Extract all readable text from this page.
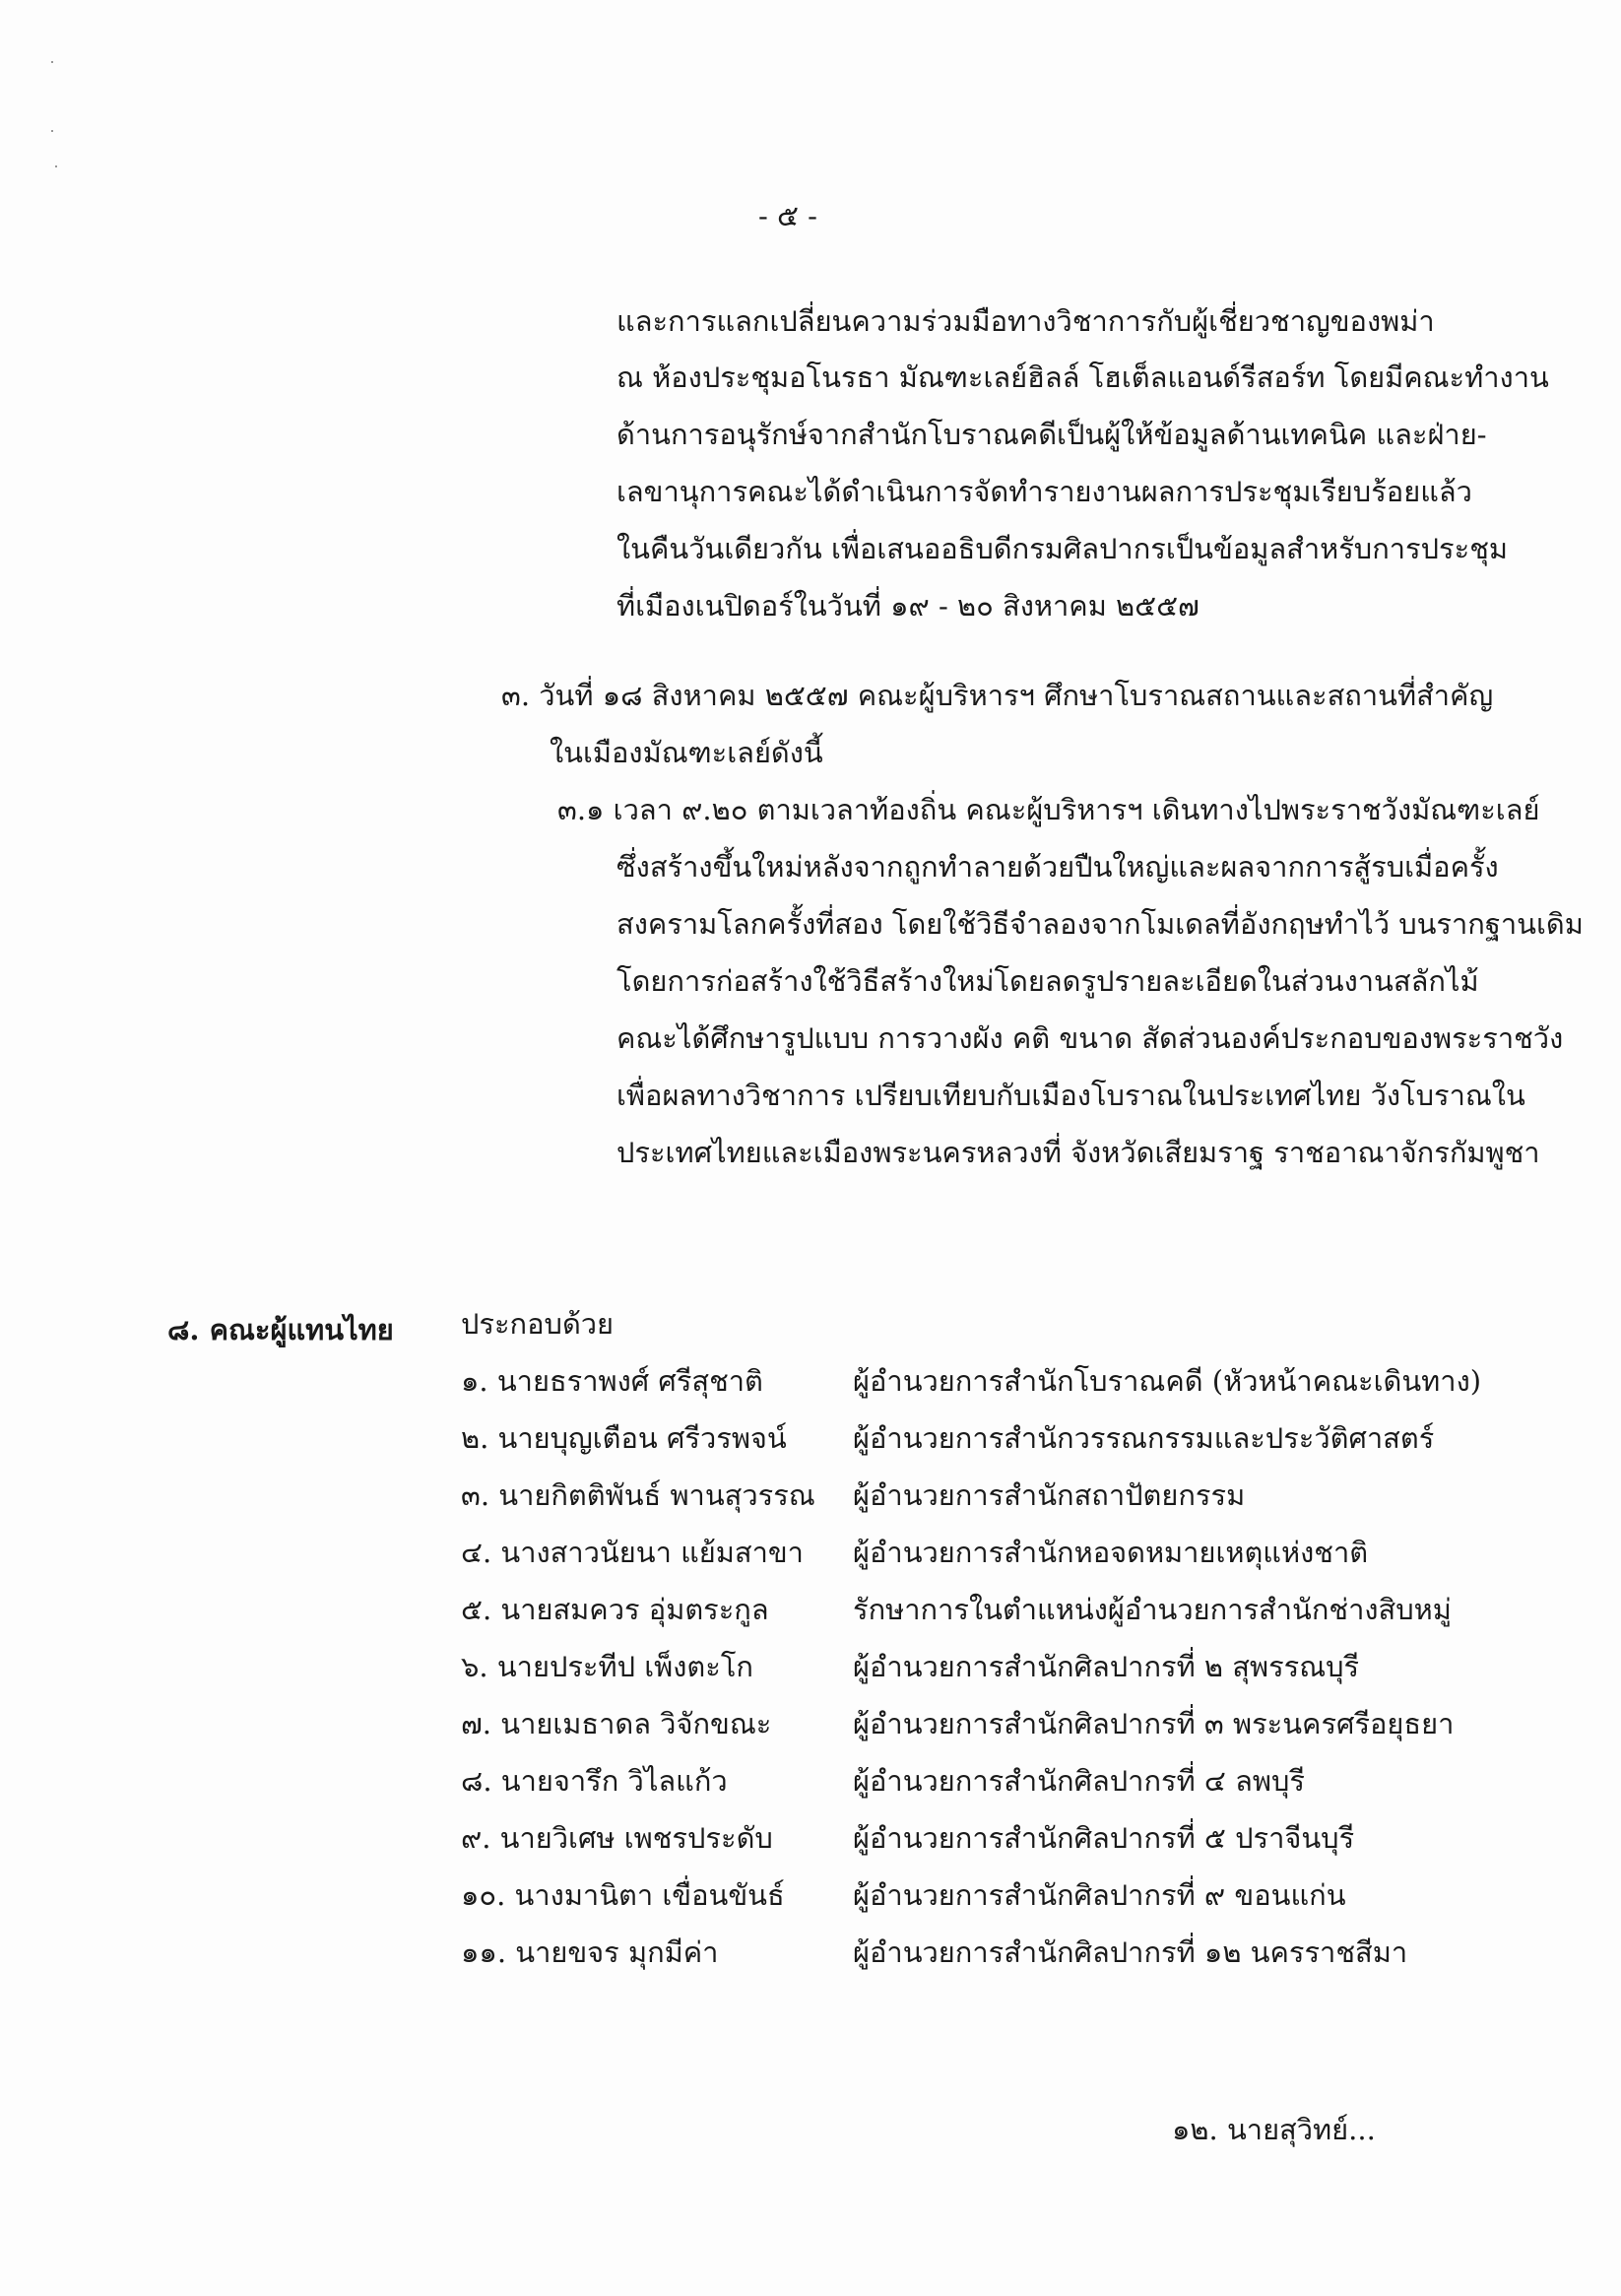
- ๕ -
และการแลกเปลี่ยนความร่วมมือทางวิชาการกับผู้เชี่ยวชาญของพม่า
ณ ห้องประชุมอโนรธา มัณฑะเลย์ฮิลล์ โฮเต็ลแอนด์รีสอร์ท โดยมีคณะทำงาน
ด้านการอนุรักษ์จากสำนักโบราณคดีเป็นผู้ให้ข้อมูลด้านเทคนิค และฝ่าย-
เลขานุการคณะได้ดำเนินการจัดทำรายงานผลการประชุมเรียบร้อยแล้ว
ในคืนวันเดียวกัน เพื่อเสนออธิบดีกรมศิลปากรเป็นข้อมูลสำหรับการประชุม
ที่เมืองเนปิดอร์ในวันที่ ๑๙ - ๒๐ สิงหาคม ๒๕๕๗
๓. วันที่ ๑๘ สิงหาคม ๒๕๕๗ คณะผู้บริหารฯ ศึกษาโบราณสถานและสถานที่สำคัญ
ในเมืองมัณฑะเลย์ดังนี้
๓.๑ เวลา ๙.๒๐ ตามเวลาท้องถิ่น คณะผู้บริหารฯ เดินทางไปพระราชวังมัณฑะเลย์
ซึ่งสร้างขึ้นใหม่หลังจากถูกทำลายด้วยปืนใหญ่และผลจากการสู้รบเมื่อครั้ง
สงครามโลกครั้งที่สอง โดยใช้วิธีจำลองจากโมเดลที่อังกฤษทำไว้ บนรากฐานเดิม
โดยการก่อสร้างใช้วิธีสร้างใหม่โดยลดรูปรายละเอียดในส่วนงานสลักไม้
คณะได้ศึกษารูปแบบ การวางผัง คติ ขนาด สัดส่วนองค์ประกอบของพระราชวัง
เพื่อผลทางวิชาการ เปรียบเทียบกับเมืองโบราณในประเทศไทย วังโบราณใน
ประเทศไทยและเมืองพระนครหลวงที่ จังหวัดเสียมราฐ ราชอาณาจักรกัมพูชา
๘. คณะผู้แทนไทย ประกอบด้วย
๑. นายธราพงศ์ ศรีสุชาติ	ผู้อำนวยการสำนักโบราณคดี (หัวหน้าคณะเดินทาง)
๒. นายบุญเตือน ศรีวรพจน์ ผู้อำนวยการสำนักวรรณกรรมและประวัติศาสตร์
๓. นายกิตติพันธ์ พานสุวรรณ ผู้อำนวยการสำนักสถาปัตยกรรม
๔. นางสาวนัยนา แย้มสาขา ผู้อำนวยการสำนักหอจดหมายเหตุแห่งชาติ
๕. นายสมควร อุ่มตระกูล	รักษาการในตำแหน่งผู้อำนวยการสำนักช่างสิบหมู่
๖. นายประทีป เพ็งตะโก	ผู้อำนวยการสำนักศิลปากรที่ ๒ สุพรรณบุรี
๗. นายเมธาดล วิจักขณะ	ผู้อำนวยการสำนักศิลปากรที่ ๓ พระนครศรีอยุธยา
๘. นายจารึก วิไลแก้ว	ผู้อำนวยการสำนักศิลปากรที่ ๔ ลพบุรี
๙. นายวิเศษ เพชรประดับ	ผู้อำนวยการสำนักศิลปากรที่ ๕ ปราจีนบุรี
๑๐. นางมานิตา เขื่อนขันธ์ ผู้อำนวยการสำนักศิลปากรที่ ๙ ขอนแก่น
๑๑. นายขจร มุกมีค่า	ผู้อำนวยการสำนักศิลปากรที่ ๑๒ นครราชสีมา
๑๒. นายสุวิทย์...
